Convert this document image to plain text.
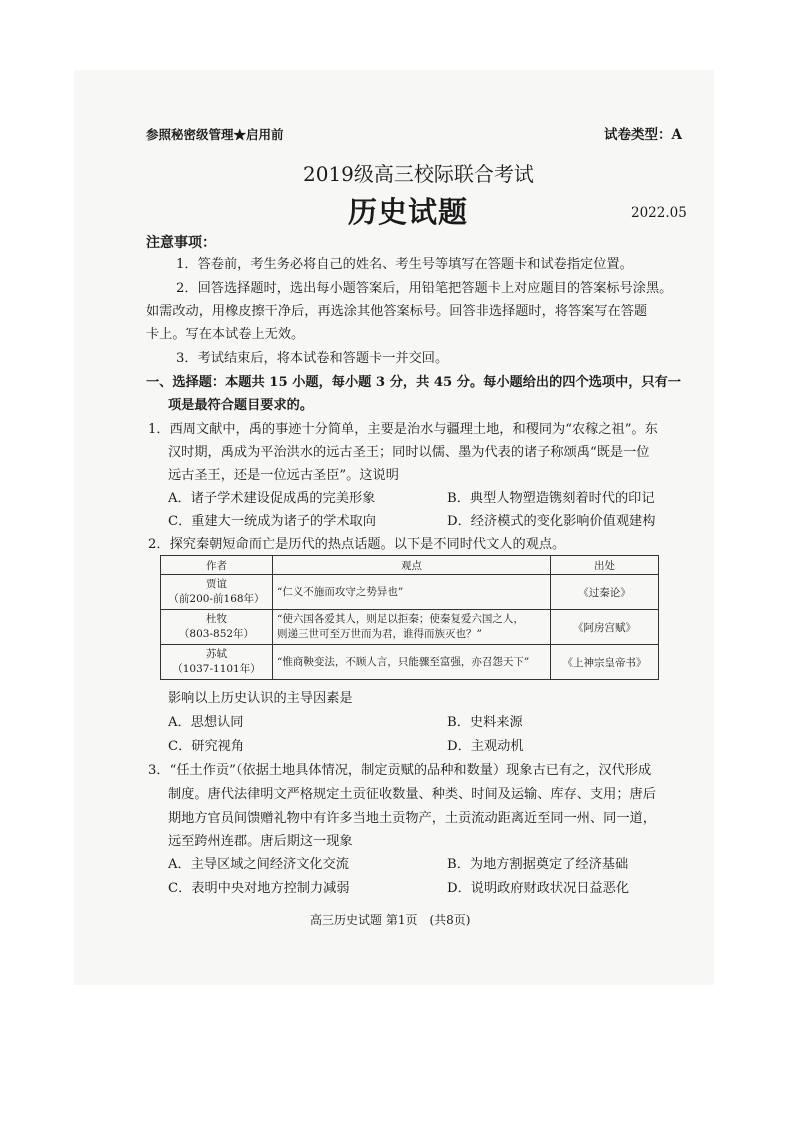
参照秘密级管理★启用前	试卷类型：A
2019级高三校际联合考试
历史试题	2022.05
注意事项：
1．答卷前，考生务必将自己的姓名、考生号等填写在答题卡和试卷指定位置。
2．回答选择题时，选出每小题答案后，用铅笔把答题卡上对应题目的答案标号涂黑。
如需改动，用橡皮擦干净后，再选涂其他答案标号。回答非选择题时，将答案写在答题
卡上。写在本试卷上无效。
3．考试结束后，将本试卷和答题卡一并交回。
一、选择题：本题共 15 小题，每小题 3 分，共 45 分。每小题给出的四个选项中，只有一
项是最符合题目要求的。
1．西周文献中，禹的事迹十分简单，主要是治水与疆理土地，和稷同为“农稼之祖”。东
汉时期，禹成为平治洪水的远古圣王；同时以儒、墨为代表的诸子称颂禹“既是一位
远古圣王，还是一位远古圣臣”。这说明
A．诸子学术建设促成禹的完美形象	B．典型人物塑造镌刻着时代的印记
C．重建大一统成为诸子的学术取向	D．经济模式的变化影响价值观建构
2．探究秦朝短命而亡是历代的热点话题。以下是不同时代文人的观点。
作者	观点	出处

贾谊
（前200-前168年）	“仁义不施而攻守之势异也”	《过秦论》

杜牧
（803-852年）	“使六国各爱其人，则足以拒秦；使秦复爱六国之人，
则递三世可至万世而为君，谁得而族灭也？”	《阿房宫赋》

苏轼
（1037-1101年）	“惟商鞅变法，不顾人言，只能骤至富强，亦召怨天下”	《上神宗皇帝书》
影响以上历史认识的主导因素是
A．思想认同	B．史料来源
C．研究视角	D．主观动机
3．“任土作贡”（依据土地具体情况，制定贡赋的品种和数量）现象古已有之，汉代形成
制度。唐代法律明文严格规定土贡征收数量、种类、时间及运输、库存、支用；唐后
期地方官员间馈赠礼物中有许多当地土贡物产，土贡流动距离近至同一州、同一道，
远至跨州连郡。唐后期这一现象
A．主导区域之间经济文化交流	B．为地方割据奠定了经济基础
C．表明中央对地方控制力减弱	D．说明政府财政状况日益恶化
高三历史试题 第1页　(共8页)
